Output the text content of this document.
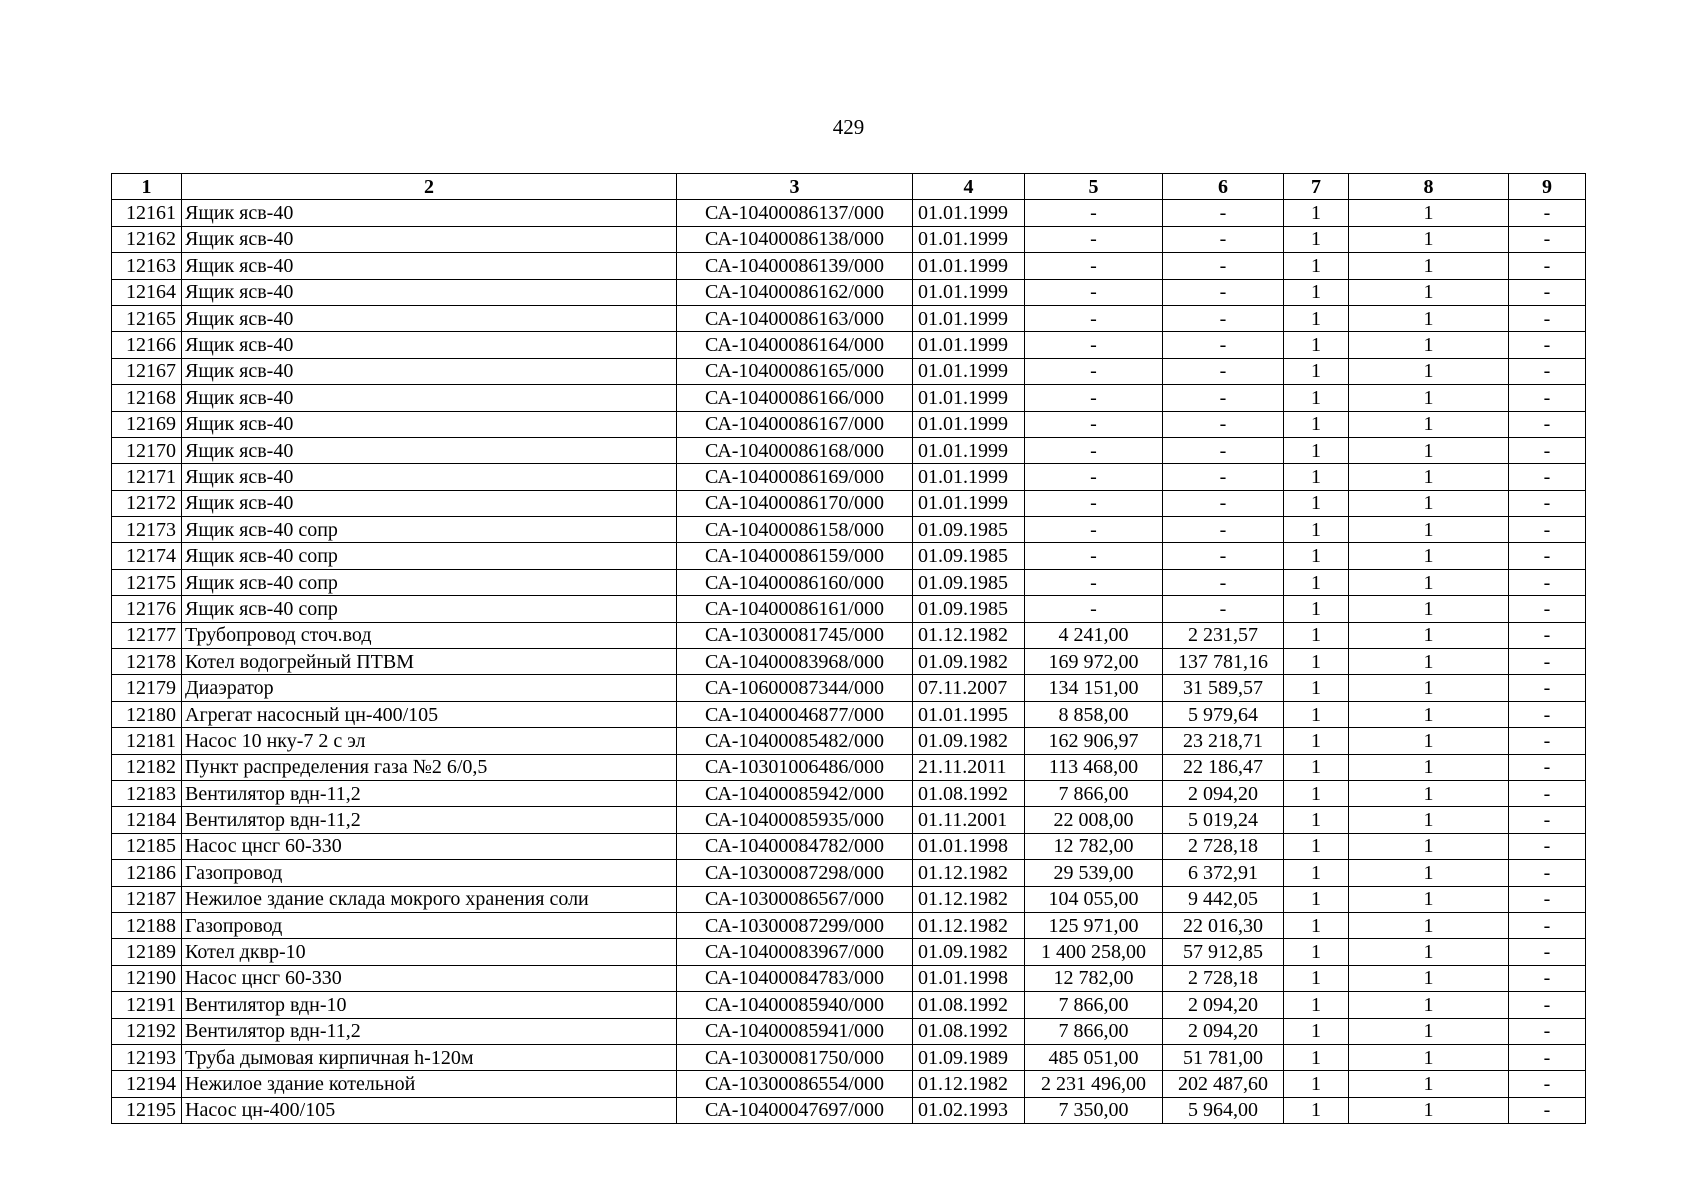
429
1	2	3	4	5	6	7	8	9
12161	Ящик ясв-40	СА-10400086137/000	01.01.1999	-	-	1	1	-
12162	Ящик ясв-40	СА-10400086138/000	01.01.1999	-	-	1	1	-
12163	Ящик ясв-40	СА-10400086139/000	01.01.1999	-	-	1	1	-
12164	Ящик ясв-40	СА-10400086162/000	01.01.1999	-	-	1	1	-
12165	Ящик ясв-40	СА-10400086163/000	01.01.1999	-	-	1	1	-
12166	Ящик ясв-40	СА-10400086164/000	01.01.1999	-	-	1	1	-
12167	Ящик ясв-40	СА-10400086165/000	01.01.1999	-	-	1	1	-
12168	Ящик ясв-40	СА-10400086166/000	01.01.1999	-	-	1	1	-
12169	Ящик ясв-40	СА-10400086167/000	01.01.1999	-	-	1	1	-
12170	Ящик ясв-40	СА-10400086168/000	01.01.1999	-	-	1	1	-
12171	Ящик ясв-40	СА-10400086169/000	01.01.1999	-	-	1	1	-
12172	Ящик ясв-40	СА-10400086170/000	01.01.1999	-	-	1	1	-
12173	Ящик ясв-40 сопр	СА-10400086158/000	01.09.1985	-	-	1	1	-
12174	Ящик ясв-40 сопр	СА-10400086159/000	01.09.1985	-	-	1	1	-
12175	Ящик ясв-40 сопр	СА-10400086160/000	01.09.1985	-	-	1	1	-
12176	Ящик ясв-40 сопр	СА-10400086161/000	01.09.1985	-	-	1	1	-
12177	Трубопровод сточ.вод	СА-10300081745/000	01.12.1982	4 241,00	2 231,57	1	1	-
12178	Котел водогрейный ПТВМ	СА-10400083968/000	01.09.1982	169 972,00	137 781,16	1	1	-
12179	Диаэратор	СА-10600087344/000	07.11.2007	134 151,00	31 589,57	1	1	-
12180	Агрегат насосный цн-400/105	СА-10400046877/000	01.01.1995	8 858,00	5 979,64	1	1	-
12181	Насос 10 нку-7 2 с эл	СА-10400085482/000	01.09.1982	162 906,97	23 218,71	1	1	-
12182	Пункт распределения газа №2 6/0,5	СА-10301006486/000	21.11.2011	113 468,00	22 186,47	1	1	-
12183	Вентилятор вдн-11,2	СА-10400085942/000	01.08.1992	7 866,00	2 094,20	1	1	-
12184	Вентилятор вдн-11,2	СА-10400085935/000	01.11.2001	22 008,00	5 019,24	1	1	-
12185	Насос цнсг 60-330	СА-10400084782/000	01.01.1998	12 782,00	2 728,18	1	1	-
12186	Газопровод	СА-10300087298/000	01.12.1982	29 539,00	6 372,91	1	1	-
12187	Нежилое здание склада мокрого хранения соли	СА-10300086567/000	01.12.1982	104 055,00	9 442,05	1	1	-
12188	Газопровод	СА-10300087299/000	01.12.1982	125 971,00	22 016,30	1	1	-
12189	Котел дквр-10	СА-10400083967/000	01.09.1982	1 400 258,00	57 912,85	1	1	-
12190	Насос цнсг 60-330	СА-10400084783/000	01.01.1998	12 782,00	2 728,18	1	1	-
12191	Вентилятор вдн-10	СА-10400085940/000	01.08.1992	7 866,00	2 094,20	1	1	-
12192	Вентилятор вдн-11,2	СА-10400085941/000	01.08.1992	7 866,00	2 094,20	1	1	-
12193	Труба дымовая кирпичная h-120м	СА-10300081750/000	01.09.1989	485 051,00	51 781,00	1	1	-
12194	Нежилое здание котельной	СА-10300086554/000	01.12.1982	2 231 496,00	202 487,60	1	1	-
12195	Насос цн-400/105	СА-10400047697/000	01.02.1993	7 350,00	5 964,00	1	1	-
